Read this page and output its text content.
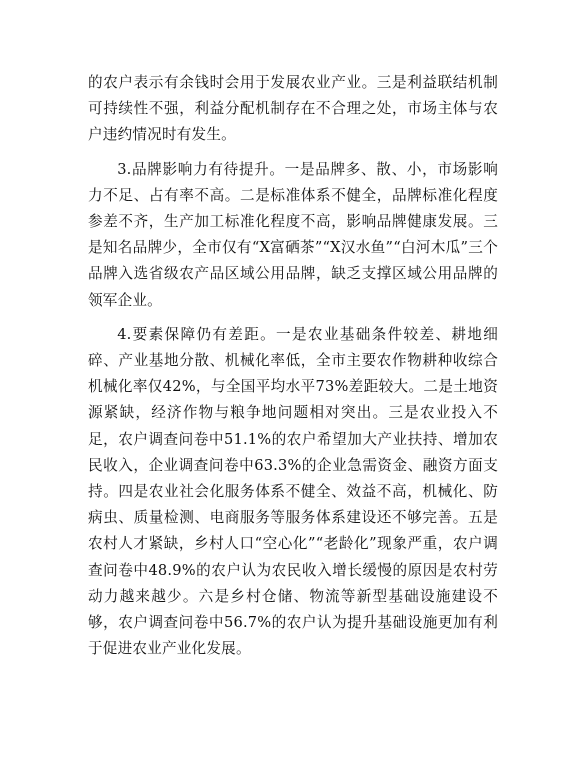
的农户表示有余钱时会用于发展农业产业。三是利益联结机制可持续性不强，利益分配机制存在不合理之处，市场主体与农户违约情况时有发生。

3.品牌影响力有待提升。一是品牌多、散、小，市场影响力不足、占有率不高。二是标准体系不健全，品牌标准化程度参差不齐，生产加工标准化程度不高，影响品牌健康发展。三是知名品牌少，全市仅有“X富硒茶”“X汉水鱼”“白河木瓜”三个品牌入选省级农产品区域公用品牌，缺乏支撑区域公用品牌的领军企业。

4.要素保障仍有差距。一是农业基础条件较差、耕地细碎、产业基地分散、机械化率低，全市主要农作物耕种收综合机械化率仅42%，与全国平均水平73%差距较大。二是土地资源紧缺，经济作物与粮争地问题相对突出。三是农业投入不足，农户调查问卷中51.1%的农户希望加大产业扶持、增加农民收入，企业调查问卷中63.3%的企业急需资金、融资方面支持。四是农业社会化服务体系不健全、效益不高，机械化、防病虫、质量检测、电商服务等服务体系建设还不够完善。五是农村人才紧缺，乡村人口“空心化”“老龄化”现象严重，农户调查问卷中48.9%的农户认为农民收入增长缓慢的原因是农村劳动力越来越少。六是乡村仓储、物流等新型基础设施建设不够，农户调查问卷中56.7%的农户认为提升基础设施更加有利于促进农业产业化发展。
